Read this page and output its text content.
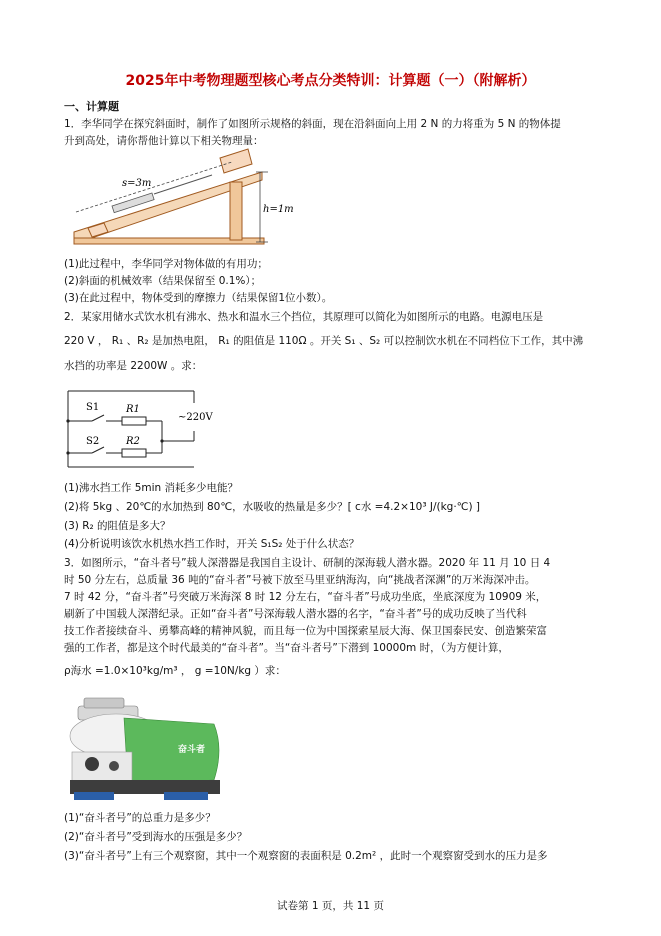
2025年中考物理题型核心考点分类特训：计算题（一）（附解析）
一、计算题
1．李华同学在探究斜面时，制作了如图所示规格的斜面，现在沿斜面向上用 2 N 的力将重为 5 N 的物体提
升到高处，请你帮他计算以下相关物理量：
s=3m
h=1m
(1)此过程中，李华同学对物体做的有用功；
(2)斜面的机械效率（结果保留至 0.1%）；
(3)在此过程中，物体受到的摩擦力（结果保留1位小数）。
2．某家用储水式饮水机有沸水、热水和温水三个挡位，其原理可以简化为如图所示的电路。电源电压是
220 V ， R₁ 、R₂ 是加热电阻， R₁ 的阻值是 110Ω 。开关 S₁ 、S₂ 可以控制饮水机在不同档位下工作，其中沸
水挡的功率是 2200W 。求：
S1	R1
S2	R2
~220V
(1)沸水挡工作 5min 消耗多少电能？
(2)将 5kg 、20℃的水加热到 80℃，水吸收的热量是多少？[ c水 =4.2×10³ J/(kg·℃) ]
(3) R₂ 的阻值是多大？
(4)分析说明该饮水机热水挡工作时，开关 S₁S₂ 处于什么状态？
3．如图所示，“奋斗者号”载人深潜器是我国自主设计、研制的深海载人潜水器。2020 年 11 月 10 日 4
时 50 分左右，总质量 36 吨的“奋斗者”号被下放至马里亚纳海沟，向“挑战者深渊”的万米海深冲击。
7 时 42 分，“奋斗者”号突破万米海深 8 时 12 分左右，“奋斗者”号成功坐底，坐底深度为 10909 米，
刷新了中国载人深潜纪录。正如“奋斗者”号深海载人潜水器的名字，“奋斗者”号的成功反映了当代科
技工作者接续奋斗、勇攀高峰的精神风貌，而且每一位为中国探索星辰大海、保卫国泰民安、创造繁荣富
强的工作者，都是这个时代最美的“奋斗者”。当“奋斗者号”下潜到 10000m 时，（为方便计算，
ρ海水 =1.0×10³kg/m³ ， g =10N/kg ）求：
奋斗者
(1)“奋斗者号”的总重力是多少？
(2)“奋斗者号”受到海水的压强是多少？
(3)“奋斗者号”上有三个观察窗，其中一个观察窗的表面积是 0.2m² ，此时一个观察窗受到水的压力是多
试卷第 1 页，共 11 页
